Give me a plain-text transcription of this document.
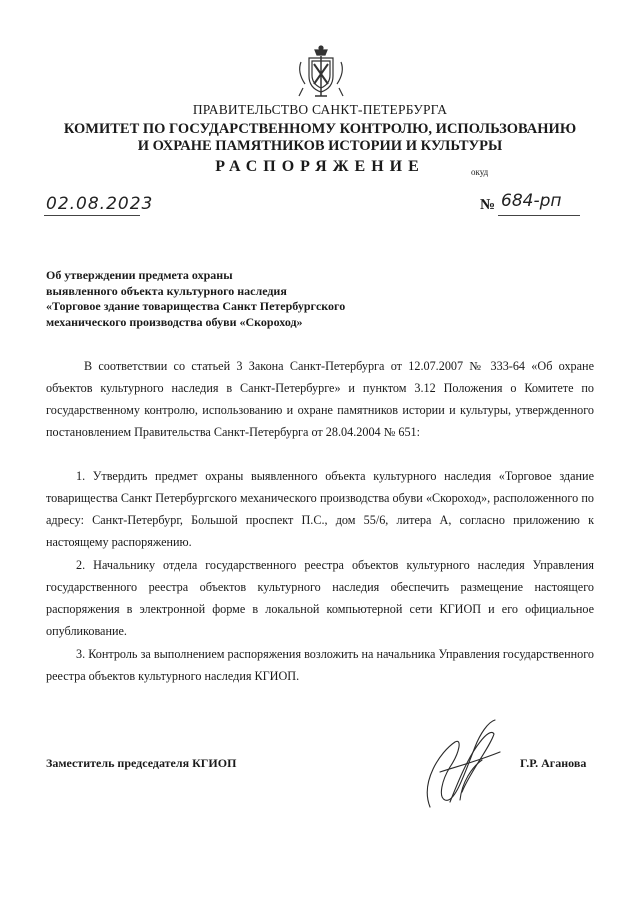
ПРАВИТЕЛЬСТВО САНКТ-ПЕТЕРБУРГА
КОМИТЕТ ПО ГОСУДАРСТВЕННОМУ КОНТРОЛЮ, ИСПОЛЬЗОВАНИЮ
И ОХРАНЕ ПАМЯТНИКОВ ИСТОРИИ И КУЛЬТУРЫ
РАСПОРЯЖЕНИЕ	окуд
02.08.2023	№ 684-рп
Об утверждении предмета охраны
выявленного объекта культурного наследия
«Торговое здание товарищества Санкт Петербургского
механического производства обуви «Скороход»
В соответствии со статьей 3 Закона Санкт-Петербурга от 12.07.2007 № 333-64 «Об охране объектов культурного наследия в Санкт-Петербурге» и пунктом 3.12 Положения о Комитете по государственному контролю, использованию и охране памятников истории и культуры, утвержденного постановлением Правительства Санкт-Петербурга от 28.04.2004 № 651:
1. Утвердить предмет охраны выявленного объекта культурного наследия «Торговое здание товарищества Санкт Петербургского механического производства обуви «Скороход», расположенного по адресу: Санкт-Петербург, Большой проспект П.С., дом 55/6, литера А, согласно приложению к настоящему распоряжению.
2. Начальнику отдела государственного реестра объектов культурного наследия Управления государственного реестра объектов культурного наследия обеспечить размещение настоящего распоряжения в электронной форме в локальной компьютерной сети КГИОП и его официальное опубликование.
3. Контроль за выполнением распоряжения возложить на начальника Управления государственного реестра объектов культурного наследия КГИОП.
Заместитель председателя КГИОП	Г.Р. Аганова
